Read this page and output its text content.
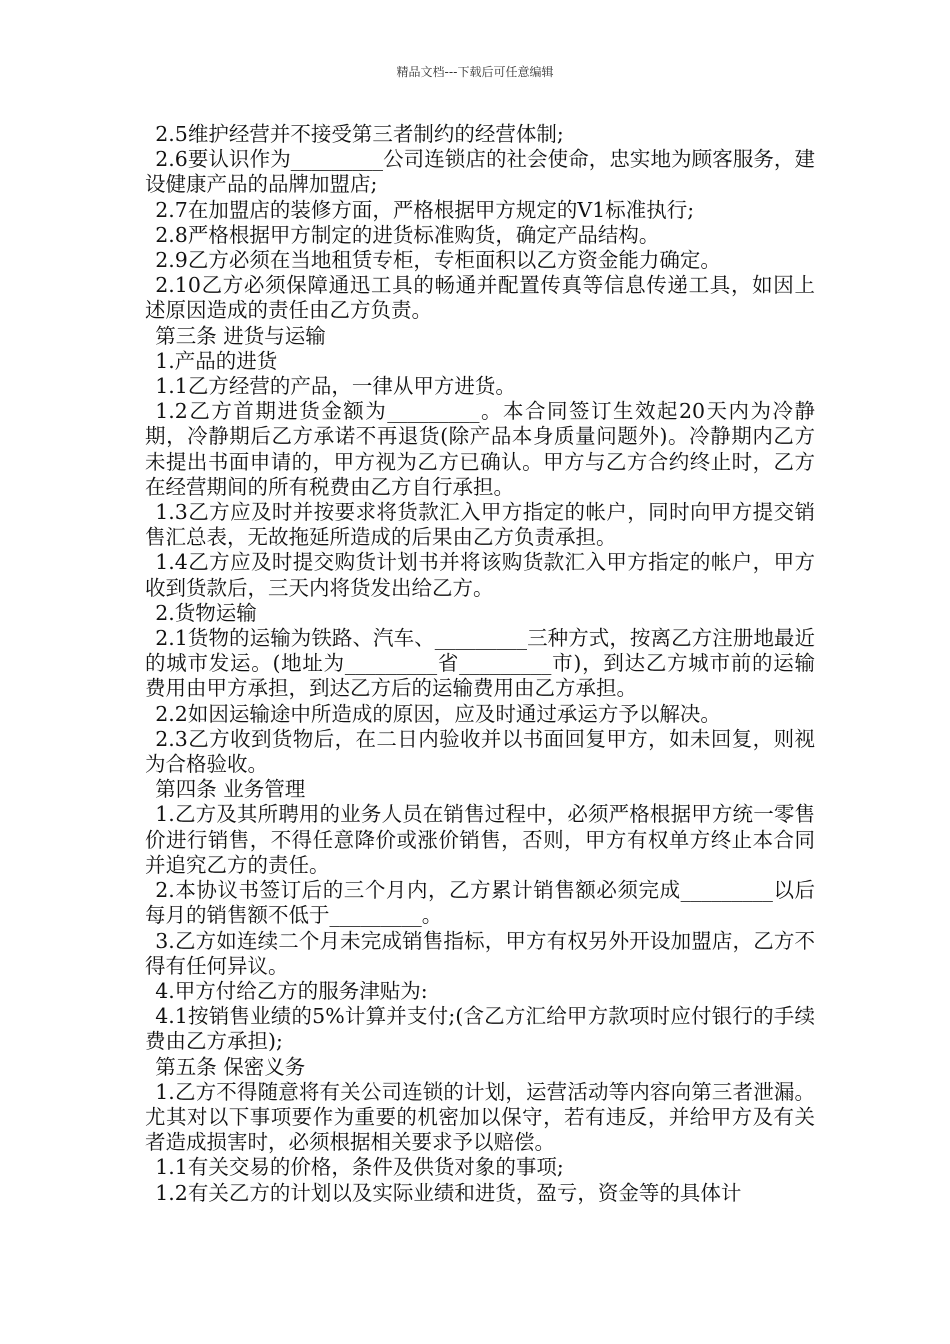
精品文档---下载后可任意编辑

2.5维护经营并不接受第三者制约的经营体制;

2.6要认识作为_________公司连锁店的社会使命，忠实地为顾客服务，建设健康产品的品牌加盟店;

2.7在加盟店的装修方面，严格根据甲方规定的V1标准执行;

2.8严格根据甲方制定的进货标准购货，确定产品结构。

2.9乙方必须在当地租赁专柜，专柜面积以乙方资金能力确定。

2.10乙方必须保障通迅工具的畅通并配置传真等信息传递工具，如因上述原因造成的责任由乙方负责。

第三条 进货与运输

1.产品的进货

1.1乙方经营的产品，一律从甲方进货。

1.2乙方首期进货金额为_________。本合同签订生效起20天内为冷静期，冷静期后乙方承诺不再退货(除产品本身质量问题外)。冷静期内乙方未提出书面申请的，甲方视为乙方已确认。甲方与乙方合约终止时，乙方在经营期间的所有税费由乙方自行承担。

1.3乙方应及时并按要求将货款汇入甲方指定的帐户，同时向甲方提交销售汇总表，无故拖延所造成的后果由乙方负责承担。

1.4乙方应及时提交购货计划书并将该购货款汇入甲方指定的帐户，甲方收到货款后，三天内将货发出给乙方。

2.货物运输

2.1货物的运输为铁路、汽车、_________三种方式，按离乙方注册地最近的城市发运。(地址为_________省_________市)，到达乙方城市前的运输费用由甲方承担，到达乙方后的运输费用由乙方承担。

2.2如因运输途中所造成的原因，应及时通过承运方予以解决。

2.3乙方收到货物后，在二日内验收并以书面回复甲方，如未回复，则视为合格验收。

第四条 业务管理

1.乙方及其所聘用的业务人员在销售过程中，必须严格根据甲方统一零售价进行销售，不得任意降价或涨价销售，否则，甲方有权单方终止本合同并追究乙方的责任。

2.本协议书签订后的三个月内，乙方累计销售额必须完成_________以后每月的销售额不低于_________。

3.乙方如连续二个月未完成销售指标，甲方有权另外开设加盟店，乙方不得有任何异议。

4.甲方付给乙方的服务津贴为:

4.1按销售业绩的5%计算并支付;(含乙方汇给甲方款项时应付银行的手续费由乙方承担);

第五条 保密义务

1.乙方不得随意将有关公司连锁的计划，运营活动等内容向第三者泄漏。尤其对以下事项要作为重要的机密加以保守，若有违反，并给甲方及有关者造成损害时，必须根据相关要求予以赔偿。

1.1有关交易的价格，条件及供货对象的事项;

1.2有关乙方的计划以及实际业绩和进货，盈亏，资金等的具体计
